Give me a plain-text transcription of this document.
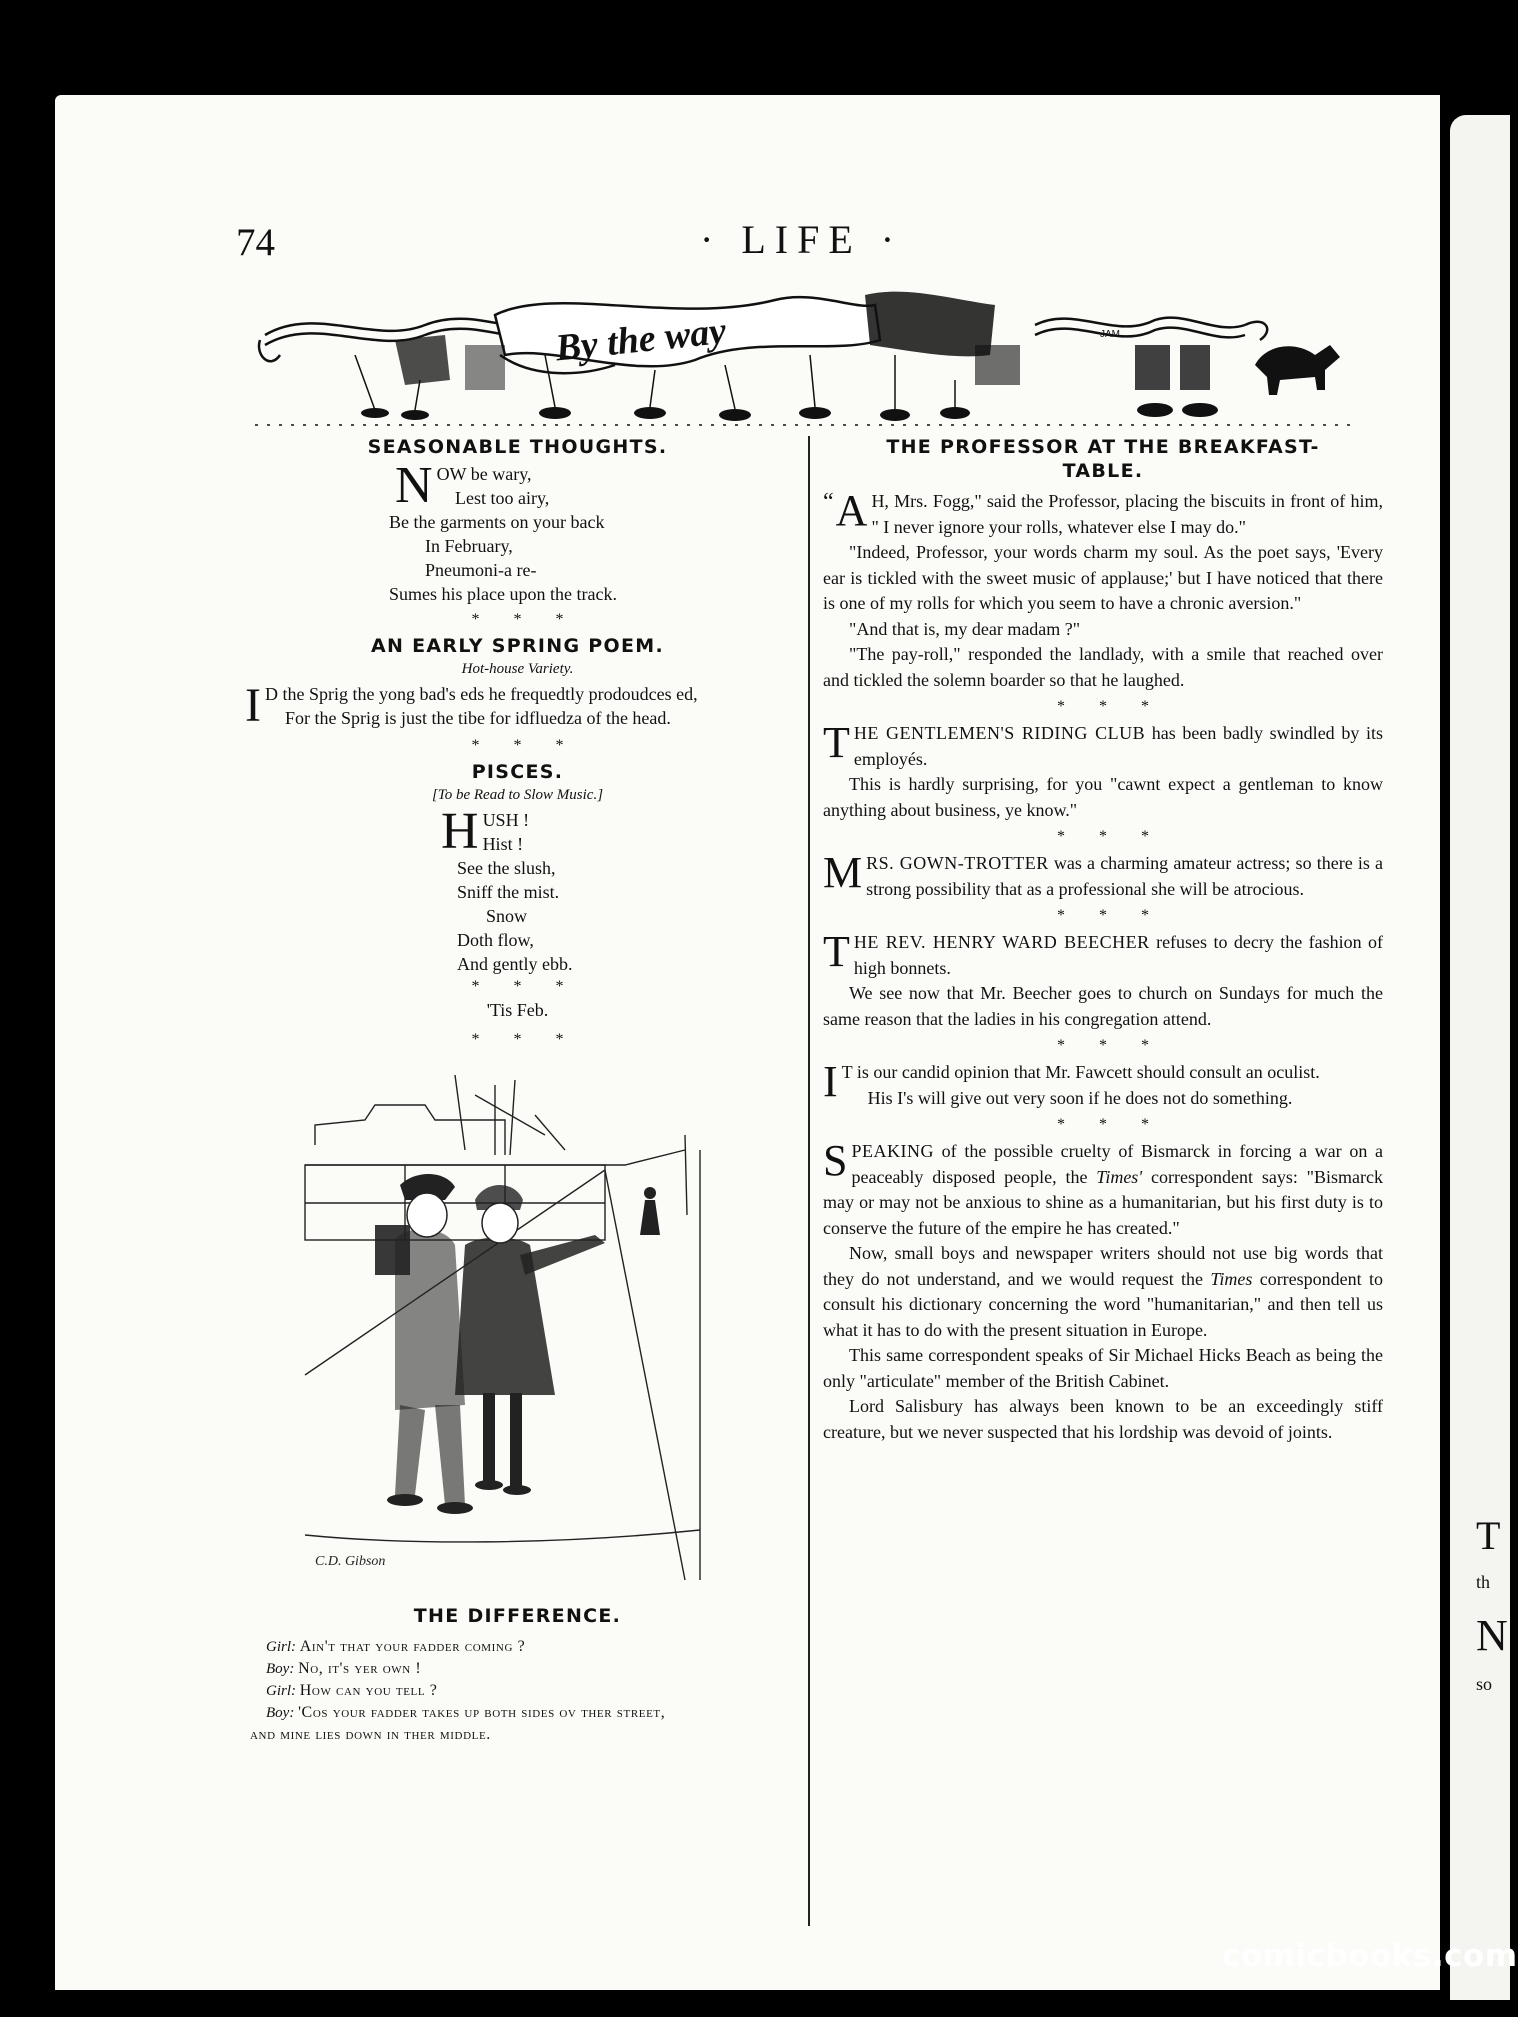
T
th
N
so
74	· LIFE ·
By the way	JAM
SEASONABLE THOUGHTS.
N OW be wary,
Lest too airy,
Be the garments on your back
In February,
Pneumoni-a re-
Sumes his place upon the track.
* * *
AN EARLY SPRING POEM.
Hot-house Variety.
I D the Sprig the yong bad's eds he frequedtly prodoudces ed,
For the Sprig is just the tibe for idfluedza of the head.
* * *
PISCES.
[To be Read to Slow Music.]
H USH !
Hist !
See the slush,
Sniff the mist.
Snow
Doth flow,
And gently ebb.
* * *
'Tis Feb.
* * *
C.D. Gibson
THE DIFFERENCE.
Girl: Ain't that your fadder coming ?
Boy: No, it's yer own !
Girl: How can you tell ?
Boy: 'Cos your fadder takes up both sides ov ther street,
and mine lies down in ther middle.
THE PROFESSOR AT THE BREAKFAST-
TABLE.

“ A H, Mrs. Fogg," said the Professor, placing the biscuits in front of him, " I never ignore your rolls, whatever else I may do."

"Indeed, Professor, your words charm my soul. As the poet says, 'Every ear is tickled with the sweet music of applause;' but I have noticed that there is one of my rolls for which you seem to have a chronic aversion."

"And that is, my dear madam ?"

"The pay-roll," responded the landlady, with a smile that reached over and tickled the solemn boarder so that he laughed.

* * *

THE GENTLEMEN'S RIDING CLUB has been badly swindled by its employés.

This is hardly surprising, for you "cawnt expect a gentleman to know anything about business, ye know."

* * *

MRS. GOWN-TROTTER was a charming amateur actress; so there is a strong possibility that as a professional she will be atrocious.

* * *

THE REV. HENRY WARD BEECHER refuses to decry the fashion of high bonnets.

We see now that Mr. Beecher goes to church on Sundays for much the same reason that the ladies in his congregation attend.

* * *

I T is our candid opinion that Mr. Fawcett should consult an oculist.

His I's will give out very soon if he does not do something.

* * *

SPEAKING of the possible cruelty of Bismarck in forcing a war on a peaceably disposed people, the Times' correspondent says: "Bismarck may or may not be anxious to shine as a humanitarian, but his first duty is to conserve the future of the empire he has created."

Now, small boys and newspaper writers should not use big words that they do not understand, and we would request the Times correspondent to consult his dictionary concerning the word "humanitarian," and then tell us what it has to do with the present situation in Europe.

This same correspondent speaks of Sir Michael Hicks Beach as being the only "articulate" member of the British Cabinet.

Lord Salisbury has always been known to be an exceedingly stiff creature, but we never suspected that his lordship was devoid of joints.

comicbooks.com
